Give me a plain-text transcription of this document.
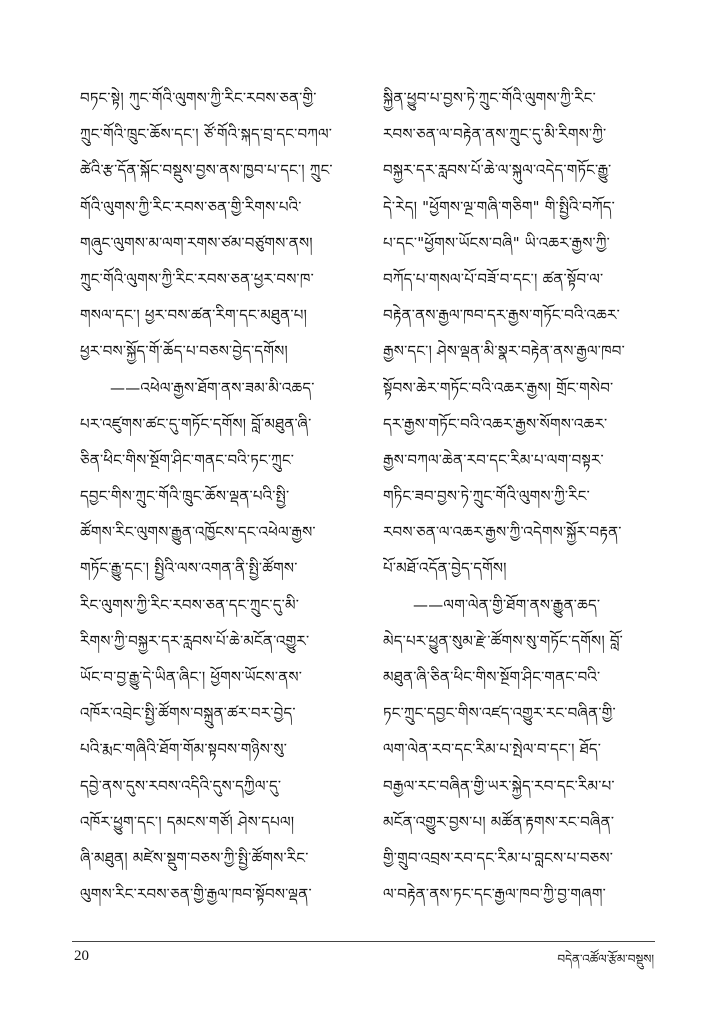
བཏང་སྟེ། ཀུང་གོའི་ལུགས་ཀྱི་རིང་རབས་ཅན་གྱི་
ཀྲུང་གོའི་ཁྲུང་ཆོས་དང་། ཙོ་གོའི་སྐད་བྲ་དང་བཀལ་
ཚེའི་རྩ་དོན་སྐོང་བསྡུས་བྱས་ནས་ཁྱབ་པ་དང་། ཀྲུང་
གོའི་ལུགས་ཀྱི་རིང་རབས་ཅན་གྱི་རིགས་པའི་
གཞུང་ལུགས་མ་ལག་རགས་ཙམ་བཙུགས་ནས།
ཀྲུང་གོའི་ལུགས་ཀྱི་རིང་རབས་ཅན་ཕྱར་བས་ཁ་
གསལ་དང་། ཕྱར་བས་ཚན་རིག་དང་མཐུན་པ།
ཕྱར་བས་སྐྱོད་གོ་ཆོད་པ་བཅས་བྱེད་དགོས།
——འཕེལ་རྒྱས་ཐོག་ནས་ཟམ་མི་འཆད་
པར་འཛུགས་ཚང་དུ་གཏོང་དགོས། བློ་མཐུན་ཞི་
ཅིན་ཕིང་གིས་སྔོག་ཤིང་གནང་བའི་ཏང་ཀྲུང་
དབྱང་གིས་ཀྲུང་གོའི་ཁྲུང་ཆོས་ལྡན་པའི་སྤྱི་
ཚོགས་རིང་ལུགས་རྒྱུན་འཁྱོངས་དང་འཕེལ་རྒྱས་
གཏོང་རྒྱུ་དང་། སྤྱིའི་ལས་འགན་ནི་སྤྱི་ཚོགས་
རིང་ལུགས་ཀྱི་རིང་རབས་ཅན་དང་ཀྲུང་དུ་མི་
རིགས་ཀྱི་བསྐྱར་དར་རླབས་པོ་ཆེ་མངོན་འགྱུར་
ཡོང་བ་བྱ་རྒྱུ་དེ་ཡིན་ཞིང་། ཕྱོགས་ཡོངས་ནས་
འཁོར་འབྲེང་སྤྱི་ཚོགས་བསྐྲུན་ཚར་བར་བྱེད་
པའི་རྨང་གཞིའི་ཐོག་གོམ་སྟབས་གཉིས་སུ་
དབྱེ་ནས་དུས་རབས་འདིའི་དུས་དཀྱིལ་དུ་
འཁོར་ཕྱུག་དང་། དམངས་གཙོ། ཤེས་དཔལ།
ཞི་མཐུན། མཛེས་སྡུག་བཅས་ཀྱི་སྤྱི་ཚོགས་རིང་
ལུགས་རིང་རབས་ཅན་གྱི་རྒྱལ་ཁབ་སྟོབས་ལྡན་
སྐྱིན་ཕྱུབ་པ་བྱས་ཏེ་ཀྲུང་གོའི་ལུགས་ཀྱི་རིང་
རབས་ཅན་ལ་བརྟེན་ནས་ཀྲུང་དུ་མི་རིགས་ཀྱི་
བསྐྱར་དར་རླབས་པོ་ཆེ་ལ་སྐུལ་འདེད་གཏོང་རྒྱུ་
དེ་རེད། "ཕྱོགས་ལྔ་གཞི་གཅིག" གི་སྤྱིའི་བཀོད་
པ་དང་"ཕྱོགས་ཡོངས་བཞི" ཡི་འཆར་རྒྱས་ཀྱི་
བཀོད་པ་གསལ་པོ་བཟོ་བ་དང་། ཚན་སྟོབ་ལ་
བརྟེན་ནས་རྒྱལ་ཁབ་དར་རྒྱས་གཏོང་བའི་འཆར་
རྒྱས་དང་། ཤེས་ལྡན་མི་སྣར་བརྟེན་ནས་རྒྱལ་ཁབ་
སྟོབས་ཆེར་གཏོང་བའི་འཆར་རྒྱས། གྲོང་གསེབ་
དར་རྒྱས་གཏོང་བའི་འཆར་རྒྱས་སོགས་འཆར་
རྒྱས་བཀལ་ཆེན་རབ་དང་རིམ་པ་ལག་བསྟར་
གཏིང་ཟབ་བྱས་ཏེ་ཀྲུང་གོའི་ལུགས་ཀྱི་རིང་
རབས་ཅན་ལ་འཆར་རྒྱས་ཀྱི་འདེགས་སྐྱོར་བརྟན་
པོ་མཐོ་འདོན་བྱེད་དགོས།
——ལག་ལེན་གྱི་ཐོག་ནས་རྒྱུན་ཆད་
མེད་པར་ཕྱུན་སུམ་རྫེ་ཚོགས་སུ་གཏོང་དགོས། བློ་
མཐུན་ཞི་ཅིན་ཕིང་གིས་སྔོག་ཤིང་གནང་བའི་
ཏང་ཀྲུང་དབྱང་གིས་འཛད་འགྱུར་རང་བཞིན་གྱི་
ལག་ལེན་རབ་དང་རིམ་པ་སྤེལ་བ་དང་། ཐོད་
བརྒྱལ་རང་བཞིན་གྱི་ཡར་སྐྱེད་རབ་དང་རིམ་པ་
མངོན་འགྱུར་བྱས་པ། མཚོན་རྟགས་རང་བཞིན་
གྱི་གྲུབ་འབྲས་རབ་དང་རིམ་པ་བླངས་པ་བཅས་
ལ་བརྟེན་ནས་ཏང་དང་རྒྱལ་ཁབ་ཀྱི་བྱ་གཞག་
20	བདེན་འཚོལ་རྩོམ་བསྡུས།
